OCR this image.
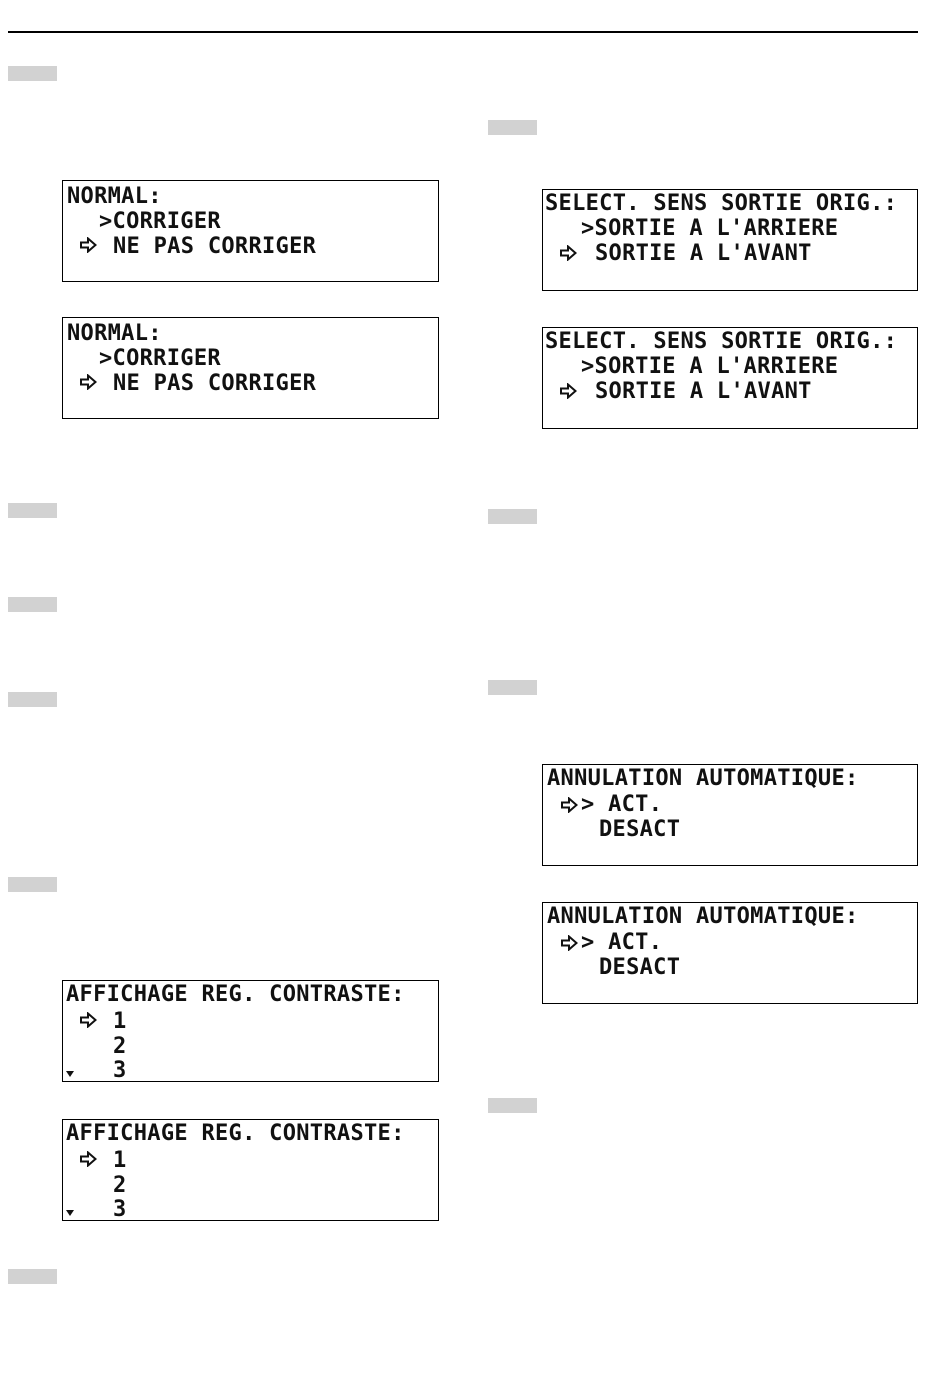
NORMAL:
>CORRIGER
NE PAS CORRIGER
NORMAL:
>CORRIGER
NE PAS CORRIGER
SELECT. SENS SORTIE ORIG.:
>SORTIE A L'ARRIERE
SORTIE A L'AVANT
SELECT. SENS SORTIE ORIG.:
>SORTIE A L'ARRIERE
SORTIE A L'AVANT
ANNULATION AUTOMATIQUE:
> ACT.
DESACT
ANNULATION AUTOMATIQUE:
> ACT.
DESACT
AFFICHAGE REG. CONTRASTE:
1
2
3
AFFICHAGE REG. CONTRASTE:
1
2
3
